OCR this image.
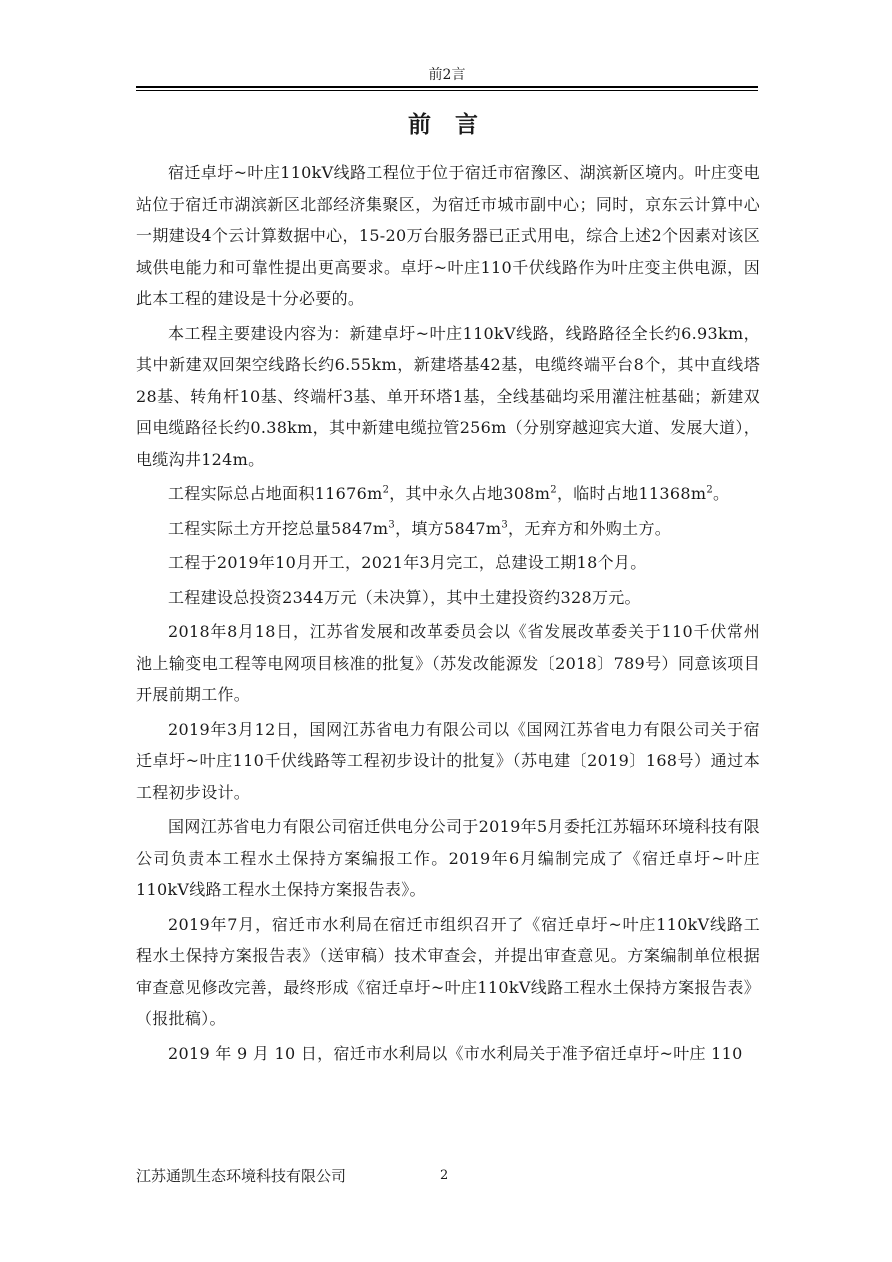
前2言
前 言

宿迁卓圩~叶庄110kV线路工程位于位于宿迁市宿豫区、湖滨新区境内。叶庄变电站位于宿迁市湖滨新区北部经济集聚区，为宿迁市城市副中心；同时，京东云计算中心一期建设4个云计算数据中心，15-20万台服务器已正式用电，综合上述2个因素对该区域供电能力和可靠性提出更高要求。卓圩~叶庄110千伏线路作为叶庄变主供电源，因此本工程的建设是十分必要的。

本工程主要建设内容为：新建卓圩~叶庄110kV线路，线路路径全长约6.93km，其中新建双回架空线路长约6.55km，新建塔基42基，电缆终端平台8个，其中直线塔28基、转角杆10基、终端杆3基、单开环塔1基，全线基础均采用灌注桩基础；新建双回电缆路径长约0.38km，其中新建电缆拉管256m（分别穿越迎宾大道、发展大道），电缆沟井124m。

工程实际总占地面积$11676m^2$，其中永久占地$308m^2$，临时占地$11368m^2$。

工程实际土方开挖总量$5847m^3$，填方$5847m^3$，无弃方和外购土方。

工程于2019年10月开工，2021年3月完工，总建设工期18个月。

工程建设总投资2344万元（未决算），其中土建投资约328万元。

2018年8月18日，江苏省发展和改革委员会以《省发展改革委关于110千伏常州池上输变电工程等电网项目核准的批复》（苏发改能源发〔2018〕789号）同意该项目开展前期工作。

2019年3月12日，国网江苏省电力有限公司以《国网江苏省电力有限公司关于宿迁卓圩~叶庄110千伏线路等工程初步设计的批复》（苏电建〔2019〕168号）通过本工程初步设计。

国网江苏省电力有限公司宿迁供电分公司于2019年5月委托江苏辐环环境科技有限公司负责本工程水土保持方案编报工作。2019年6月编制完成了《宿迁卓圩~叶庄110kV线路工程水土保持方案报告表》。

2019年7月，宿迁市水利局在宿迁市组织召开了《宿迁卓圩~叶庄110kV线路工程水土保持方案报告表》（送审稿）技术审查会，并提出审查意见。方案编制单位根据审查意见修改完善，最终形成《宿迁卓圩~叶庄110kV线路工程水土保持方案报告表》（报批稿）。

2019 年 9 月 10 日，宿迁市水利局以《市水利局关于准予宿迁卓圩~叶庄 110

江苏通凯生态环境科技有限公司	2
